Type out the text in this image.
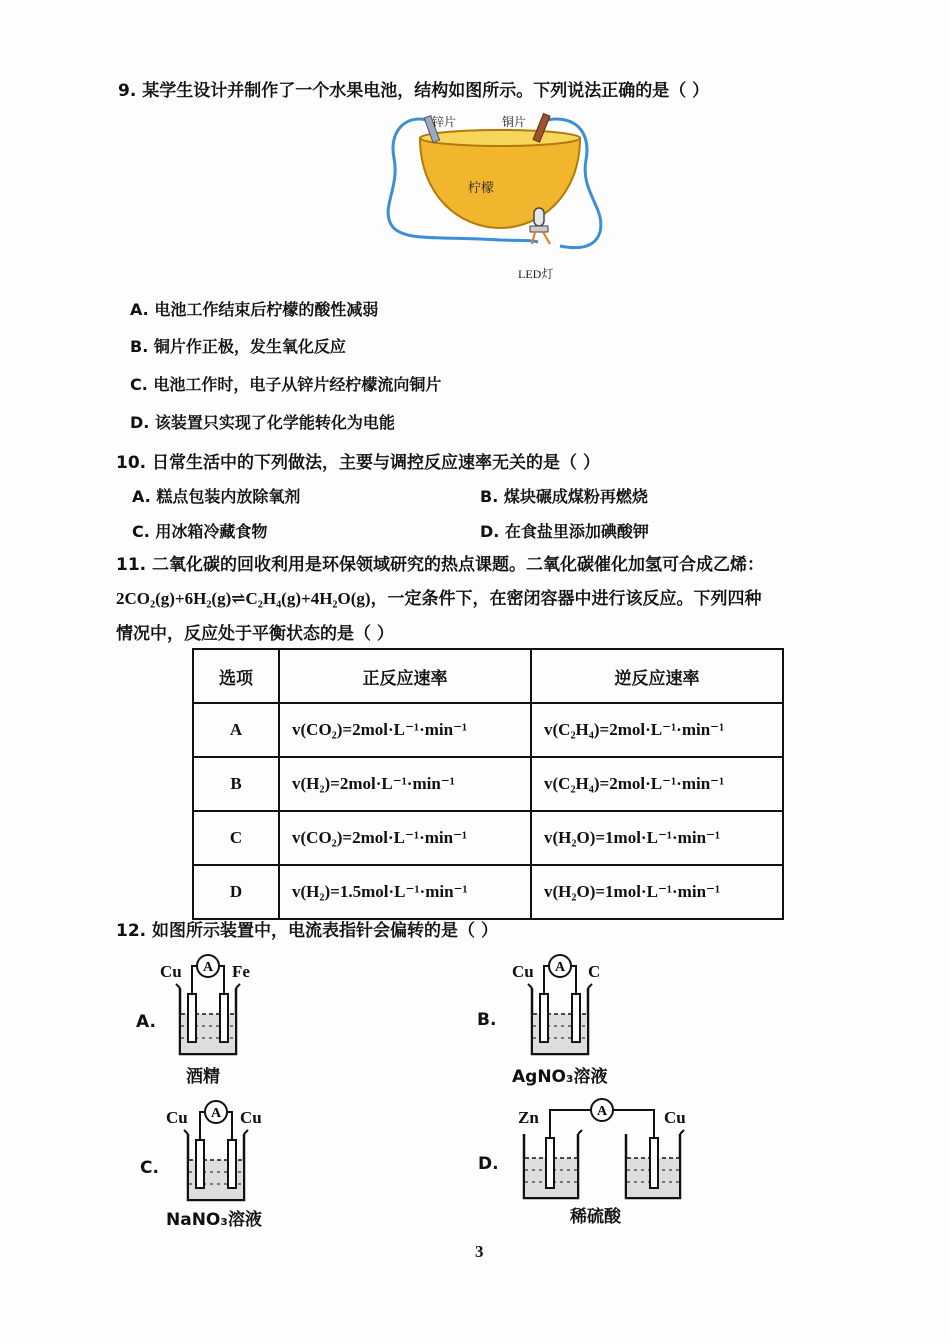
9. 某学生设计并制作了一个水果电池，结构如图所示。下列说法正确的是（ ）
锌片	铜片
柠檬
LED灯
A. 电池工作结束后柠檬的酸性减弱
B. 铜片作正极，发生氧化反应
C. 电池工作时，电子从锌片经柠檬流向铜片
D. 该装置只实现了化学能转化为电能
10. 日常生活中的下列做法，主要与调控反应速率无关的是（ ）
A. 糕点包装内放除氧剂	B. 煤块碾成煤粉再燃烧
C. 用冰箱冷藏食物	D. 在食盐里添加碘酸钾
11. 二氧化碳的回收利用是环保领域研究的热点课题。二氧化碳催化加氢可合成乙烯：
2CO₂(g)+6H₂(g)⇌C₂H₄(g)+4H₂O(g)，一定条件下，在密闭容器中进行该反应。下列四种
情况中，反应处于平衡状态的是（ ）
选项	正反应速率	逆反应速率
A	v(CO₂)=2mol·L⁻¹·min⁻¹	v(C₂H₄)=2mol·L⁻¹·min⁻¹
B	v(H₂)=2mol·L⁻¹·min⁻¹	v(C₂H₄)=2mol·L⁻¹·min⁻¹
C	v(CO₂)=2mol·L⁻¹·min⁻¹	v(H₂O)=1mol·L⁻¹·min⁻¹
D	v(H₂)=1.5mol·L⁻¹·min⁻¹	v(H₂O)=1mol·L⁻¹·min⁻¹
12. 如图所示装置中，电流表指针会偏转的是（ ）
A.
A
Cu	Fe
酒精
B.
A
Cu	C
AgNO₃溶液
C.
A
Cu	Cu
NaNO₃溶液
D.
A
Zn	Cu
稀硫酸
3
